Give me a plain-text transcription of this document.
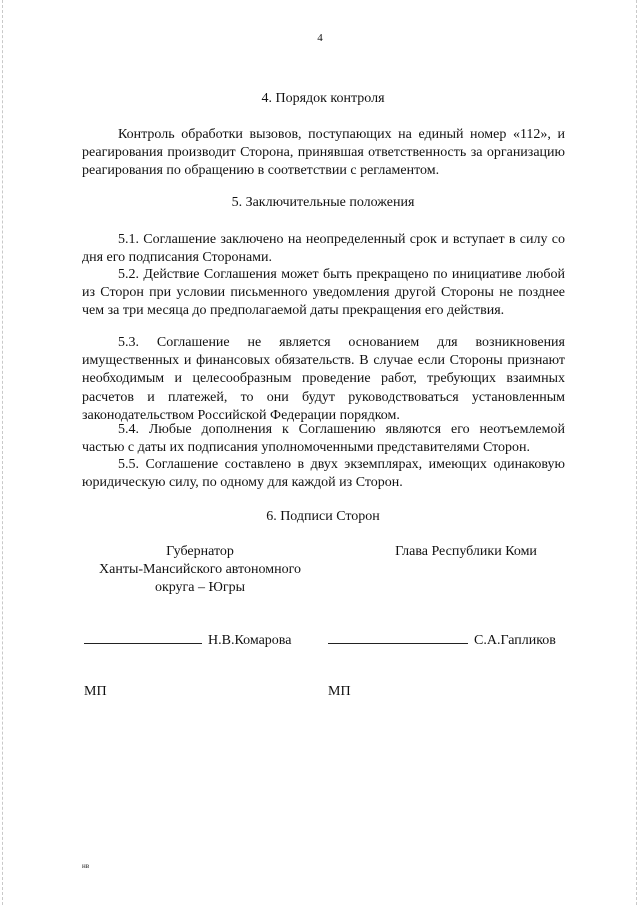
4
4. Порядок контроля

Контроль обработки вызовов, поступающих на единый номер «112», и реагирования производит Сторона, принявшая ответственность за организацию реагирования по обращению в соответствии с регламентом.

5. Заключительные положения

5.1. Соглашение заключено на неопределенный срок и вступает в силу со дня его подписания Сторонами.

5.2. Действие Соглашения может быть прекращено по инициативе любой из Сторон при условии письменного уведомления другой Стороны не позднее чем за три месяца до предполагаемой даты прекращения его действия.

5.3. Соглашение не является основанием для возникновения имущественных и финансовых обязательств. В случае если Стороны признают необходимым и целесообразным проведение работ, требующих взаимных расчетов и платежей, то они будут руководствоваться установленным законодательством Российской Федерации порядком.

5.4. Любые дополнения к Соглашению являются его неотъемлемой частью с даты их подписания уполномоченными представителями Сторон.

5.5. Соглашение составлено в двух экземплярах, имеющих одинаковую юридическую силу, по одному для каждой из Сторон.

6. Подписи Сторон
Губернатор
Ханты-Мансийского автономного
округа – Югры
Глава Республики Коми
Н.В.Комарова	С.А.Гапликов
МП	МП
нв
